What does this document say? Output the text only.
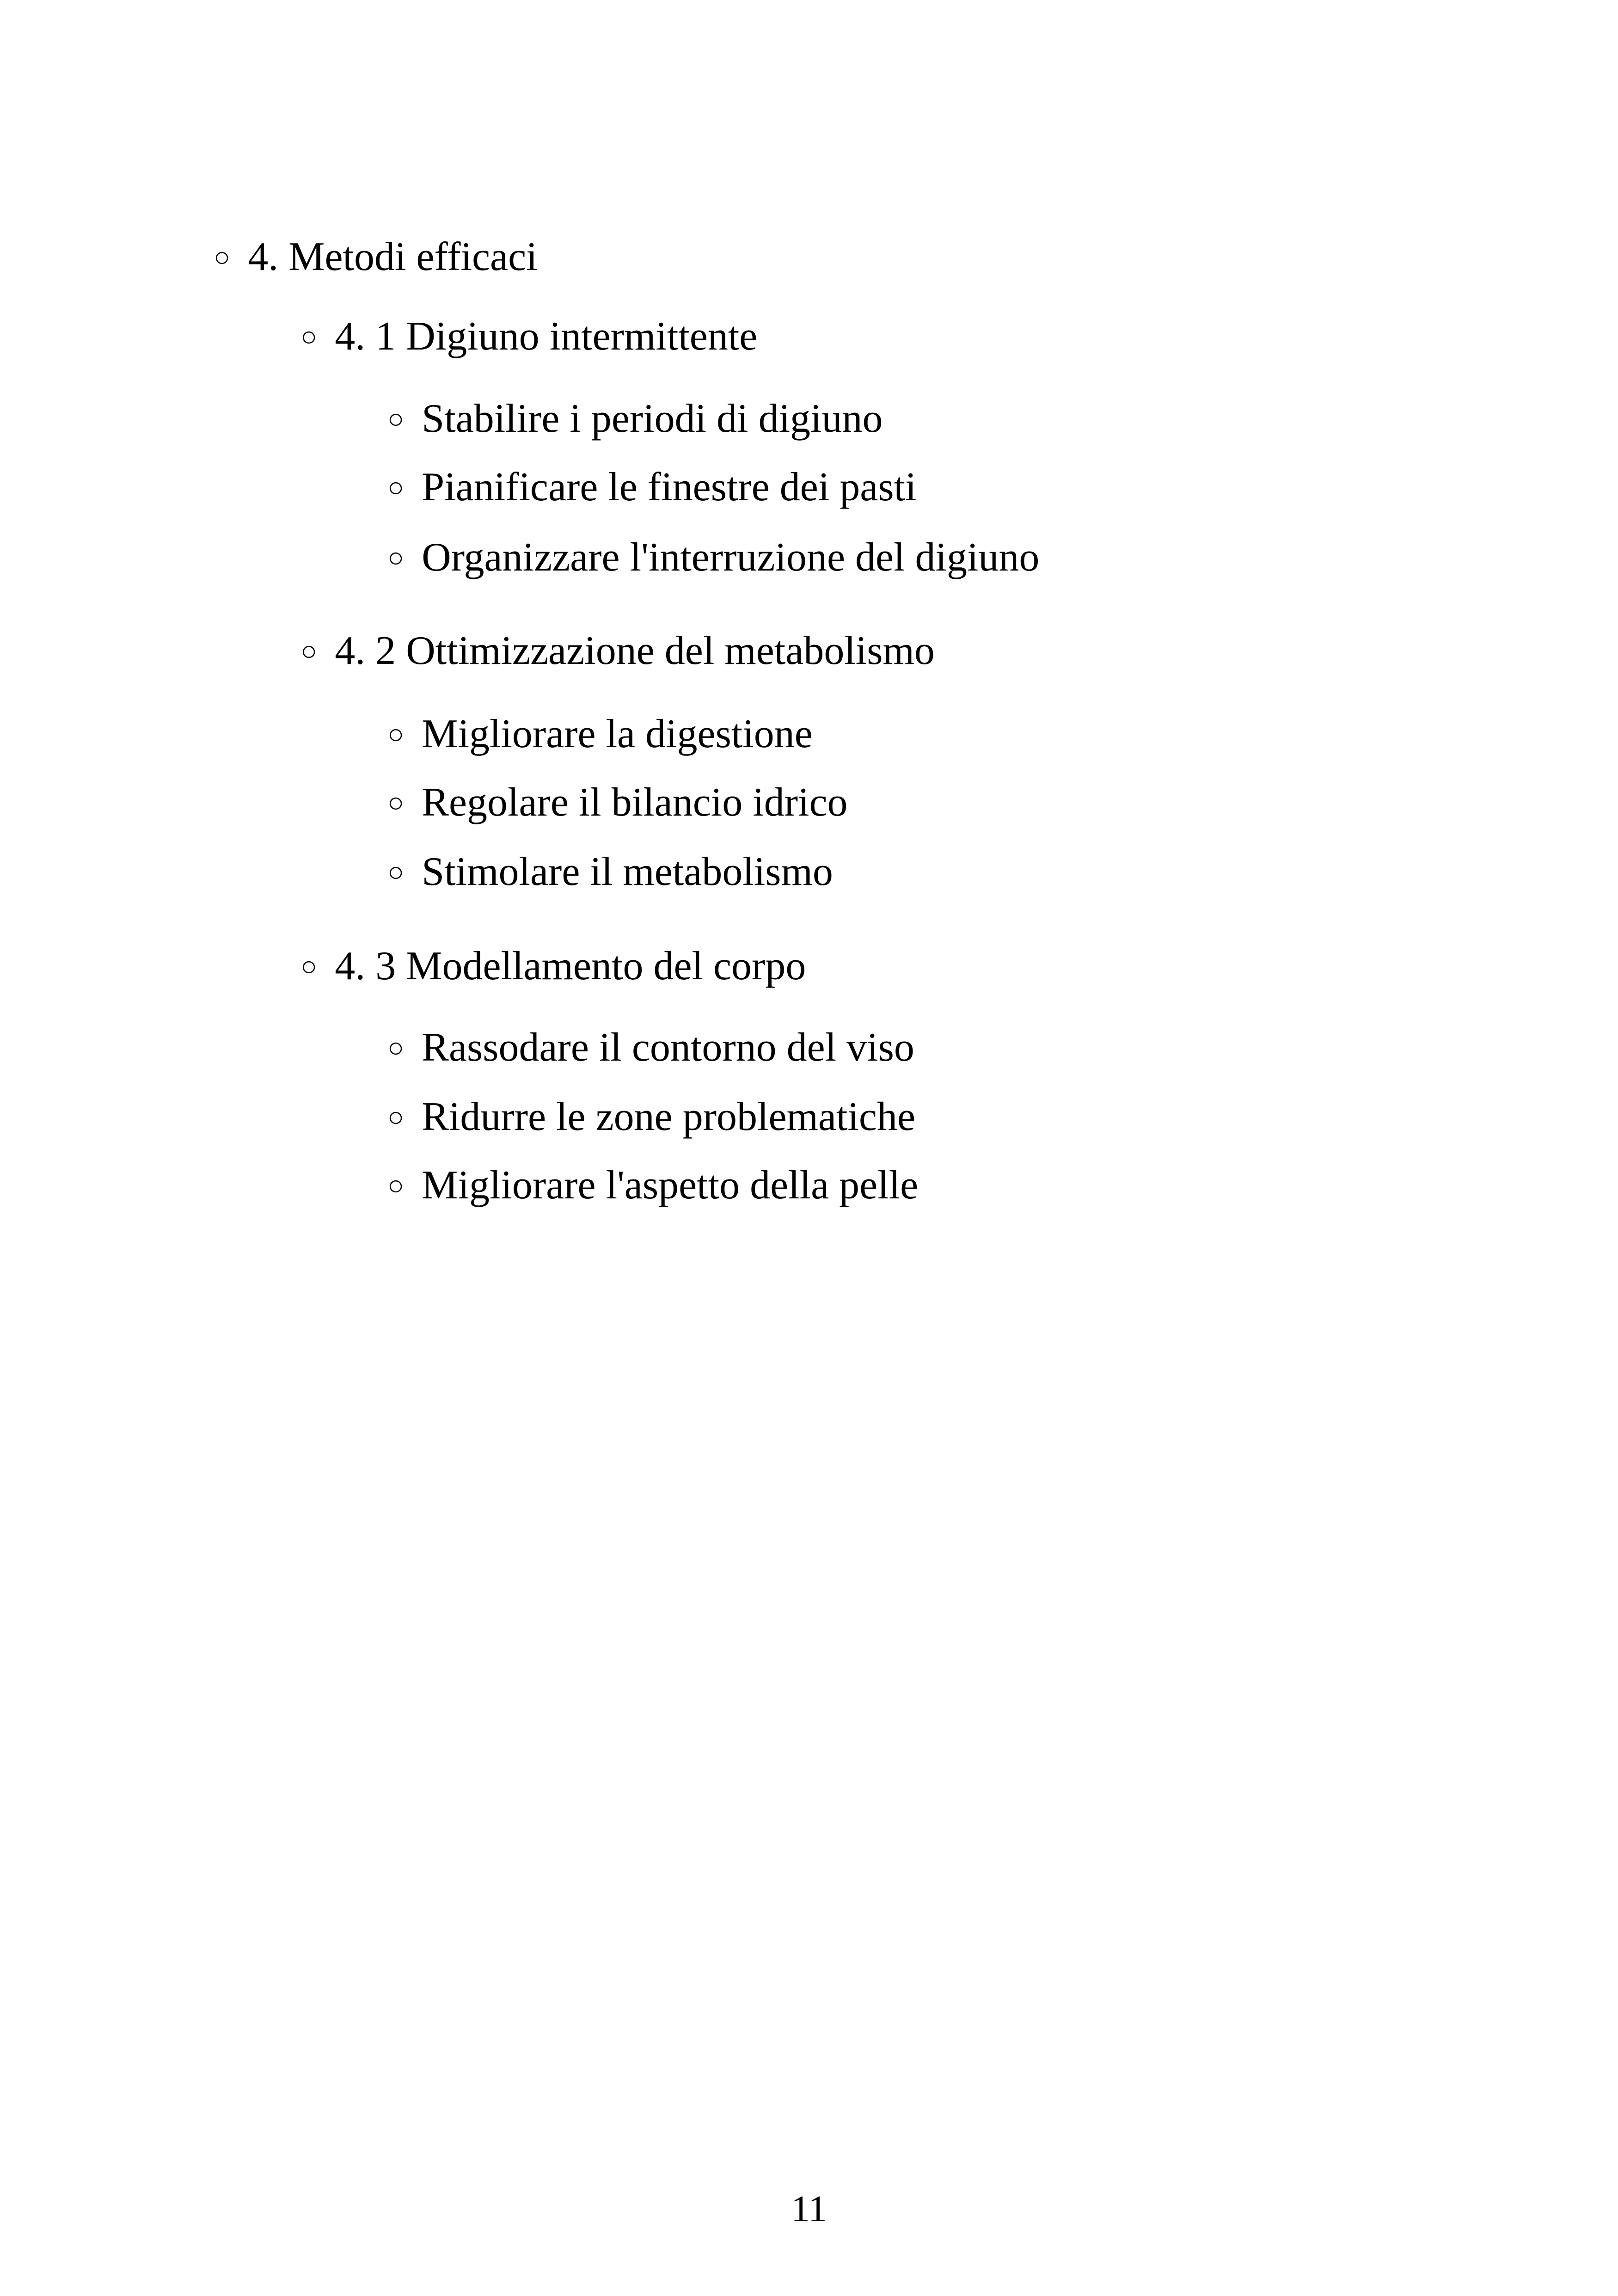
○ 4. Metodi efficaci
○ 4. 1 Digiuno intermittente
○ Stabilire i periodi di digiuno
○ Pianificare le finestre dei pasti
○ Organizzare l'interruzione del digiuno
○ 4. 2 Ottimizzazione del metabolismo
○ Migliorare la digestione
○ Regolare il bilancio idrico
○ Stimolare il metabolismo
○ 4. 3 Modellamento del corpo
○ Rassodare il contorno del viso
○ Ridurre le zone problematiche
○ Migliorare l'aspetto della pelle
11
